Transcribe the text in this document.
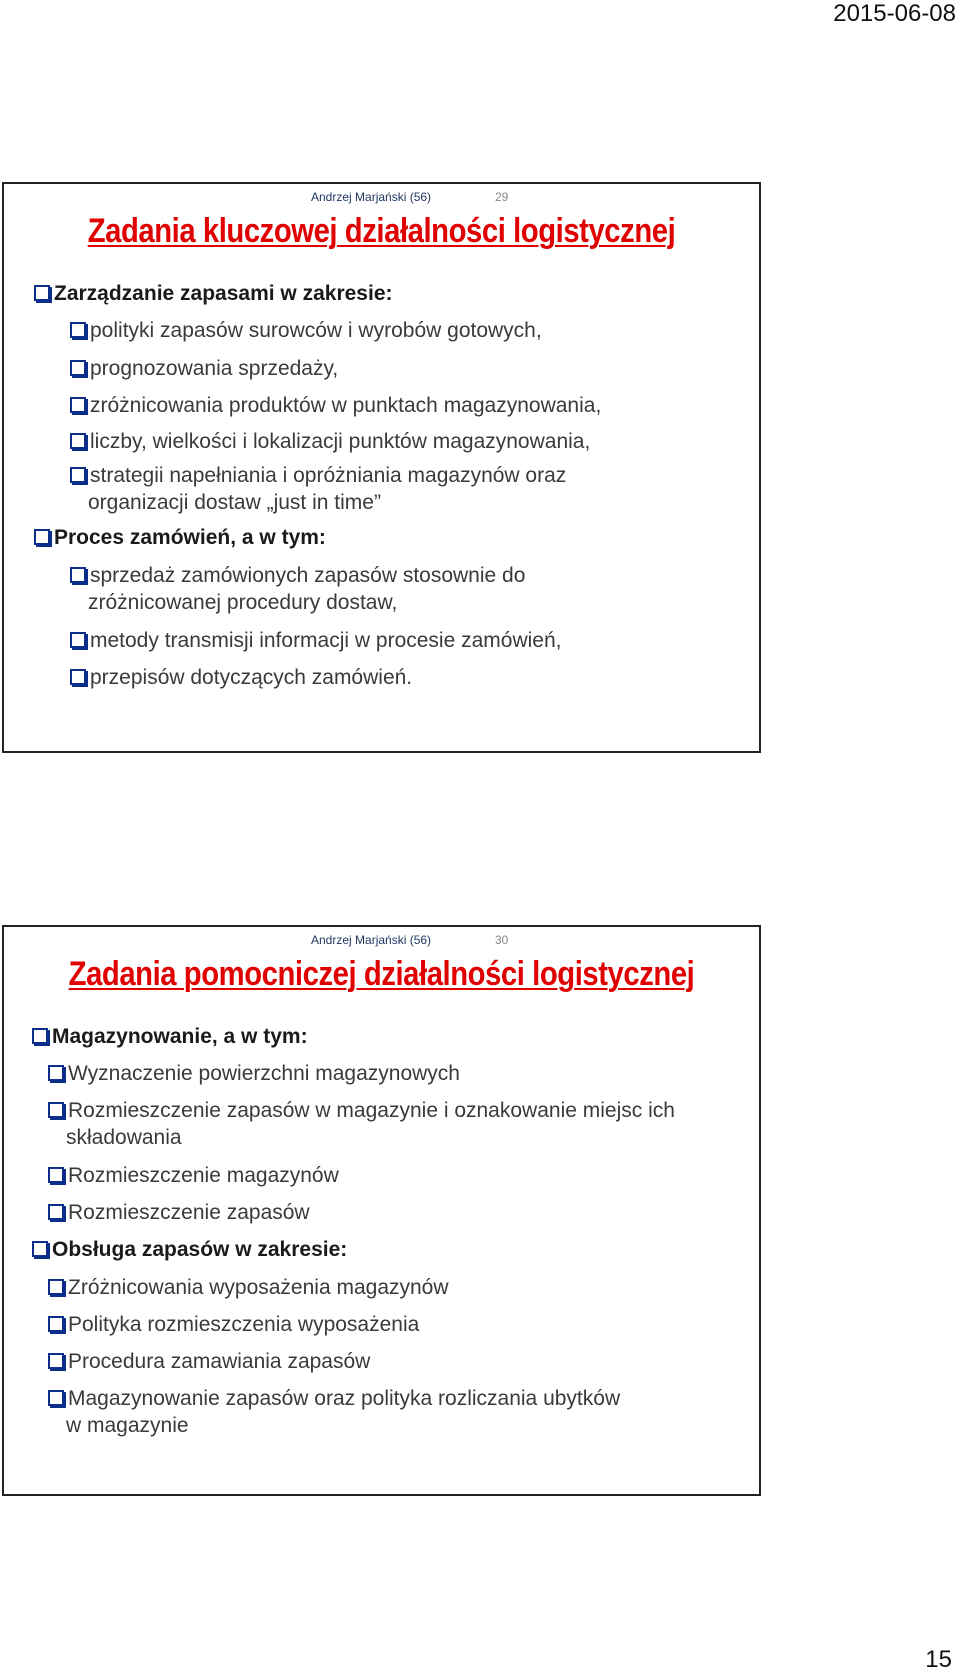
2015-06-08
Andrzej Marjański (56)	29
Zadania kluczowej działalności logistycznej
Zarządzanie zapasami w zakresie:
polityki zapasów surowców i wyrobów gotowych,
prognozowania sprzedaży,
zróżnicowania produktów w punktach magazynowania,
liczby, wielkości i lokalizacji punktów magazynowania,
strategii napełniania i opróżniania magazynów oraz
organizacji dostaw „just in time”
Proces zamówień, a w tym:
sprzedaż zamówionych zapasów stosownie do
zróżnicowanej procedury dostaw,
metody transmisji informacji w procesie zamówień,
przepisów dotyczących zamówień.
Andrzej Marjański (56)	30
Zadania pomocniczej działalności logistycznej
Magazynowanie, a w tym:
Wyznaczenie powierzchni magazynowych
Rozmieszczenie zapasów w magazynie i oznakowanie miejsc ich
składowania
Rozmieszczenie magazynów
Rozmieszczenie zapasów
Obsługa zapasów w zakresie:
Zróżnicowania wyposażenia magazynów
Polityka rozmieszczenia wyposażenia
Procedura zamawiania zapasów
Magazynowanie zapasów oraz polityka rozliczania ubytków
w magazynie
15
